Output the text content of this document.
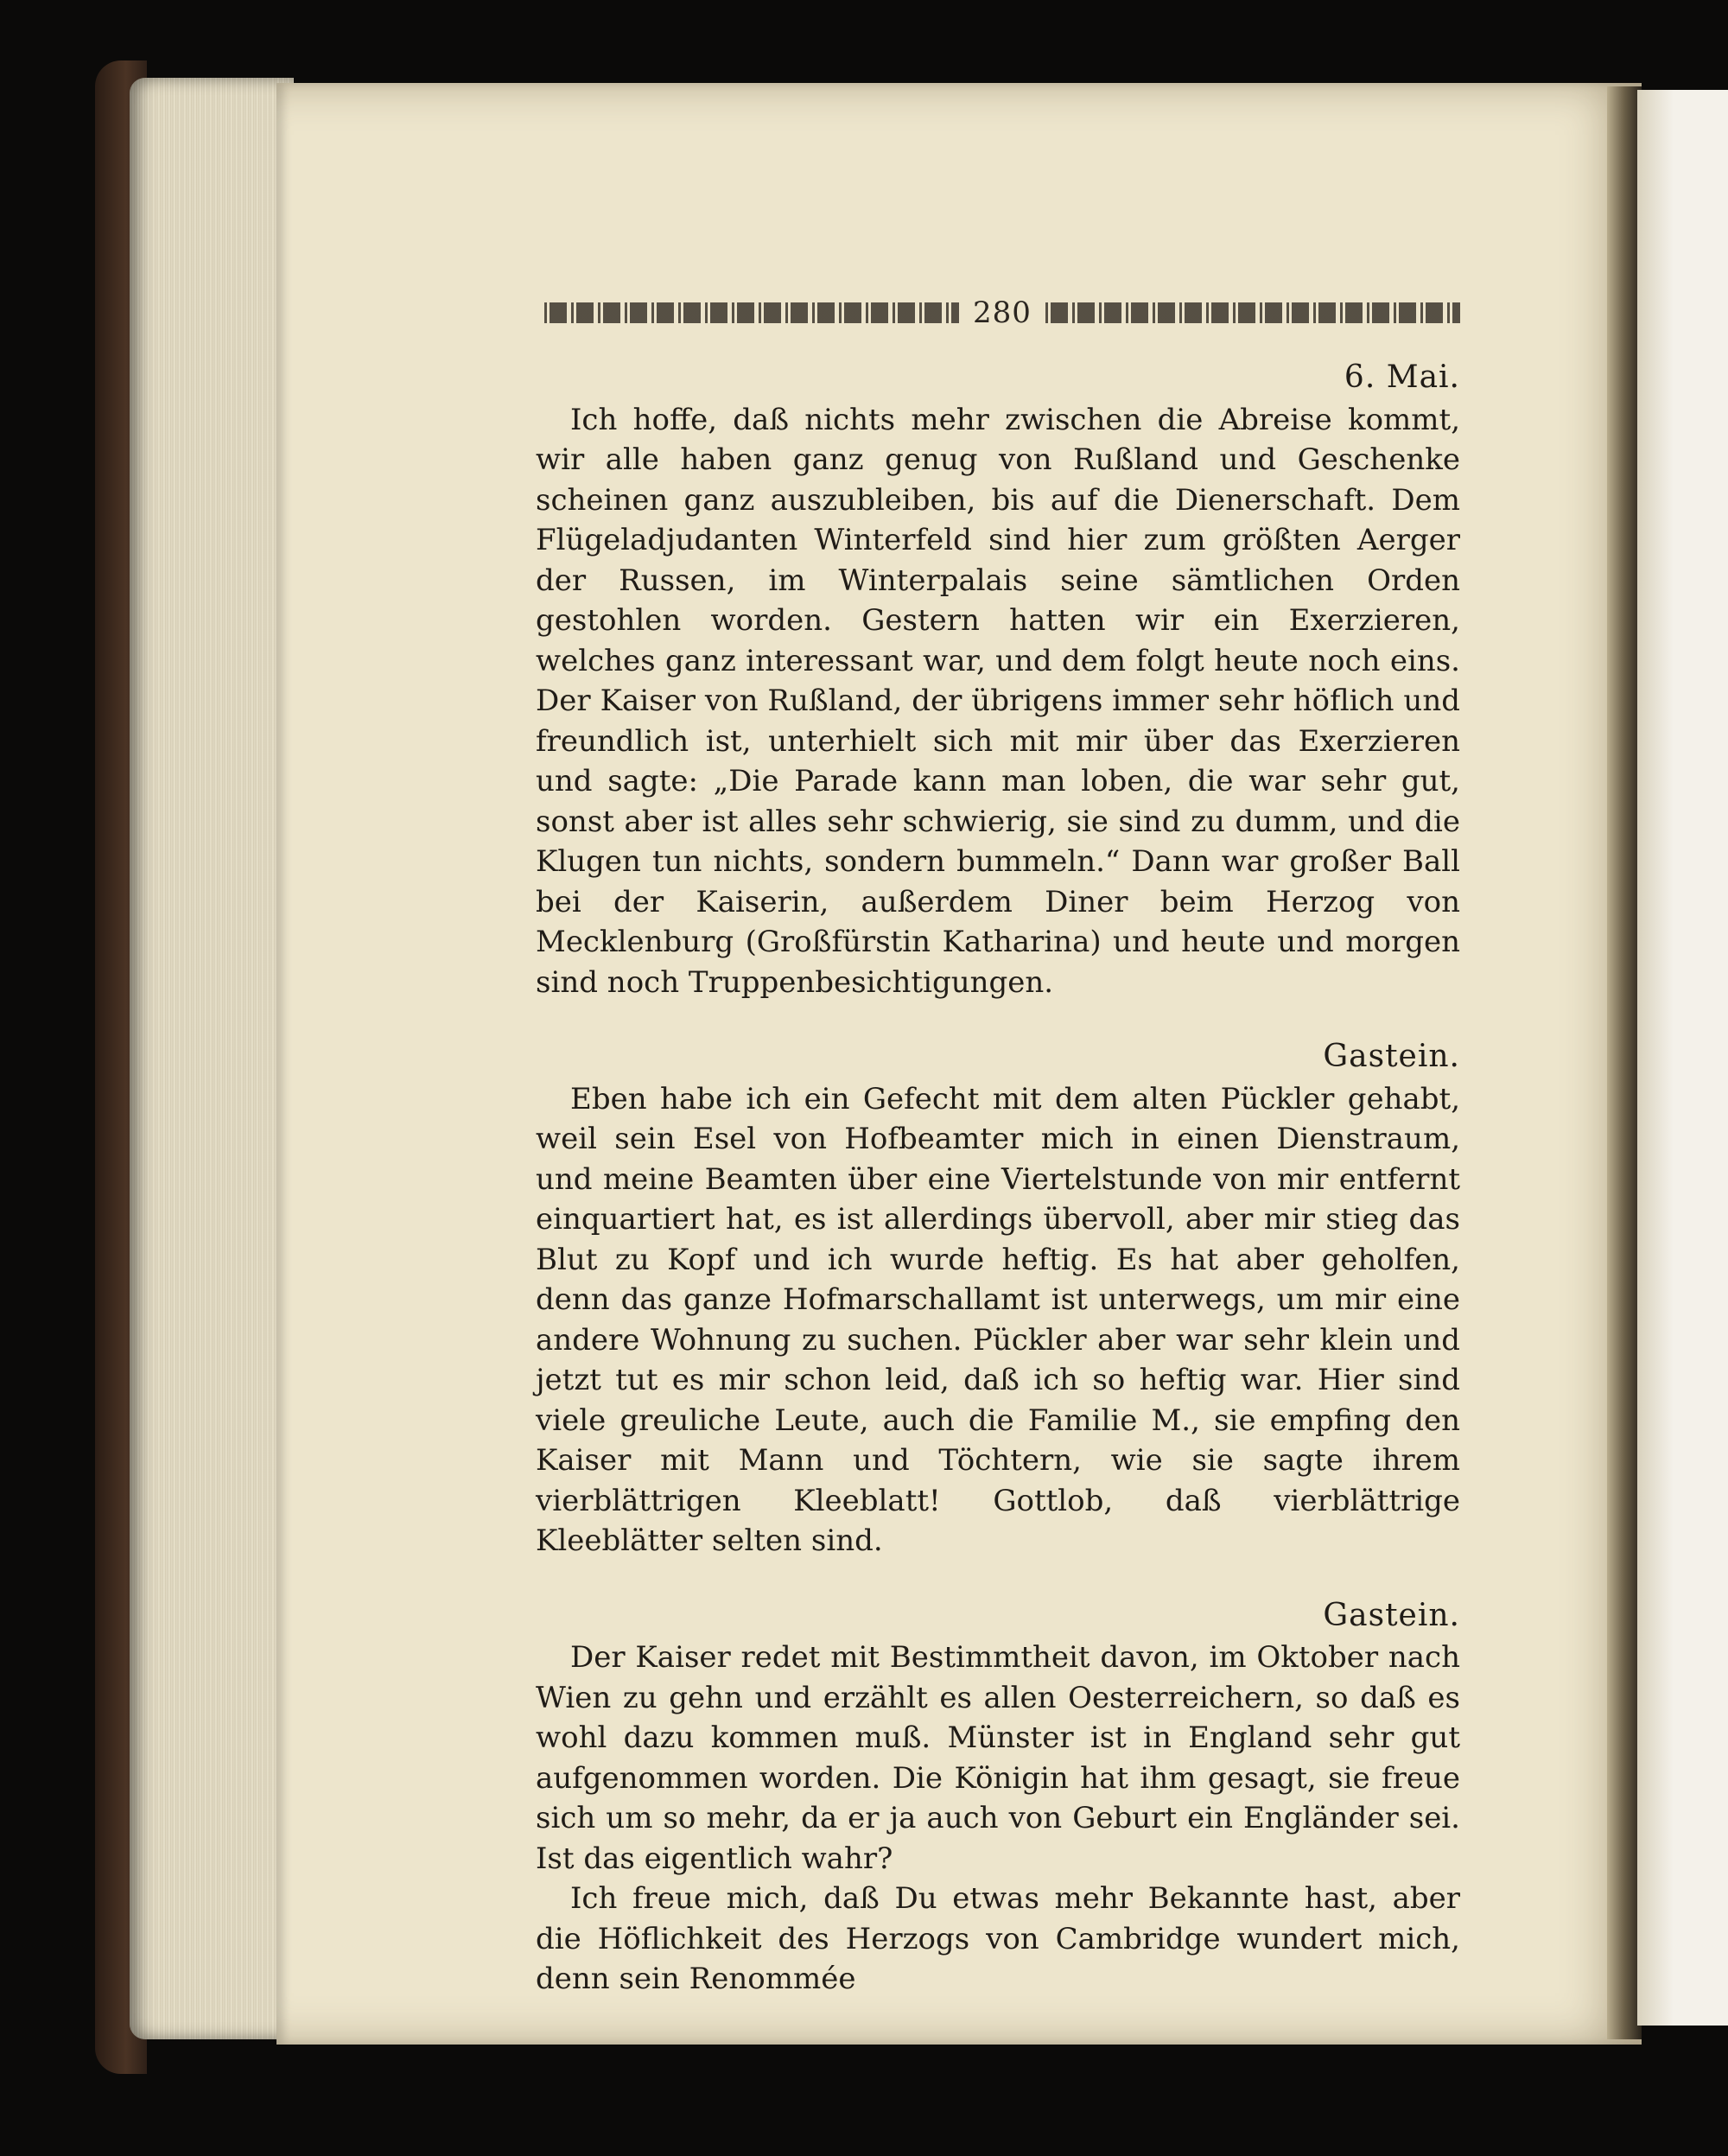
280
6. Mai.

Ich hoffe, daß nichts mehr zwischen die Abreise kommt, wir alle haben ganz genug von Rußland und Geschenke scheinen ganz auszubleiben, bis auf die Dienerschaft. Dem Flügeladjudanten Winterfeld sind hier zum größten Aerger der Russen, im Winterpalais seine sämtlichen Orden gestohlen worden. Gestern hatten wir ein Exerzieren, welches ganz interessant war, und dem folgt heute noch eins. Der Kaiser von Rußland, der übrigens immer sehr höflich und freundlich ist, unterhielt sich mit mir über das Exerzieren und sagte: „Die Parade kann man loben, die war sehr gut, sonst aber ist alles sehr schwierig, sie sind zu dumm, und die Klugen tun nichts, sondern bummeln.“ Dann war großer Ball bei der Kaiserin, außerdem Diner beim Herzog von Mecklenburg (Großfürstin Katharina) und heute und morgen sind noch Truppenbesichtigungen.

Gastein.

Eben habe ich ein Gefecht mit dem alten Pückler gehabt, weil sein Esel von Hofbeamter mich in einen Dienstraum, und meine Beamten über eine Viertelstunde von mir entfernt einquartiert hat, es ist allerdings übervoll, aber mir stieg das Blut zu Kopf und ich wurde heftig. Es hat aber geholfen, denn das ganze Hofmarschallamt ist unterwegs, um mir eine andere Wohnung zu suchen. Pückler aber war sehr klein und jetzt tut es mir schon leid, daß ich so heftig war. Hier sind viele greuliche Leute, auch die Familie M., sie empfing den Kaiser mit Mann und Töchtern, wie sie sagte ihrem vierblättrigen Kleeblatt! Gottlob, daß vierblättrige Kleeblätter selten sind.

Gastein.

Der Kaiser redet mit Bestimmtheit davon, im Oktober nach Wien zu gehn und erzählt es allen Oesterreichern, so daß es wohl dazu kommen muß. Münster ist in England sehr gut aufgenommen worden. Die Königin hat ihm gesagt, sie freue sich um so mehr, da er ja auch von Geburt ein Engländer sei. Ist das eigentlich wahr?

Ich freue mich, daß Du etwas mehr Bekannte hast, aber die Höflichkeit des Herzogs von Cambridge wundert mich, denn sein Renommée
